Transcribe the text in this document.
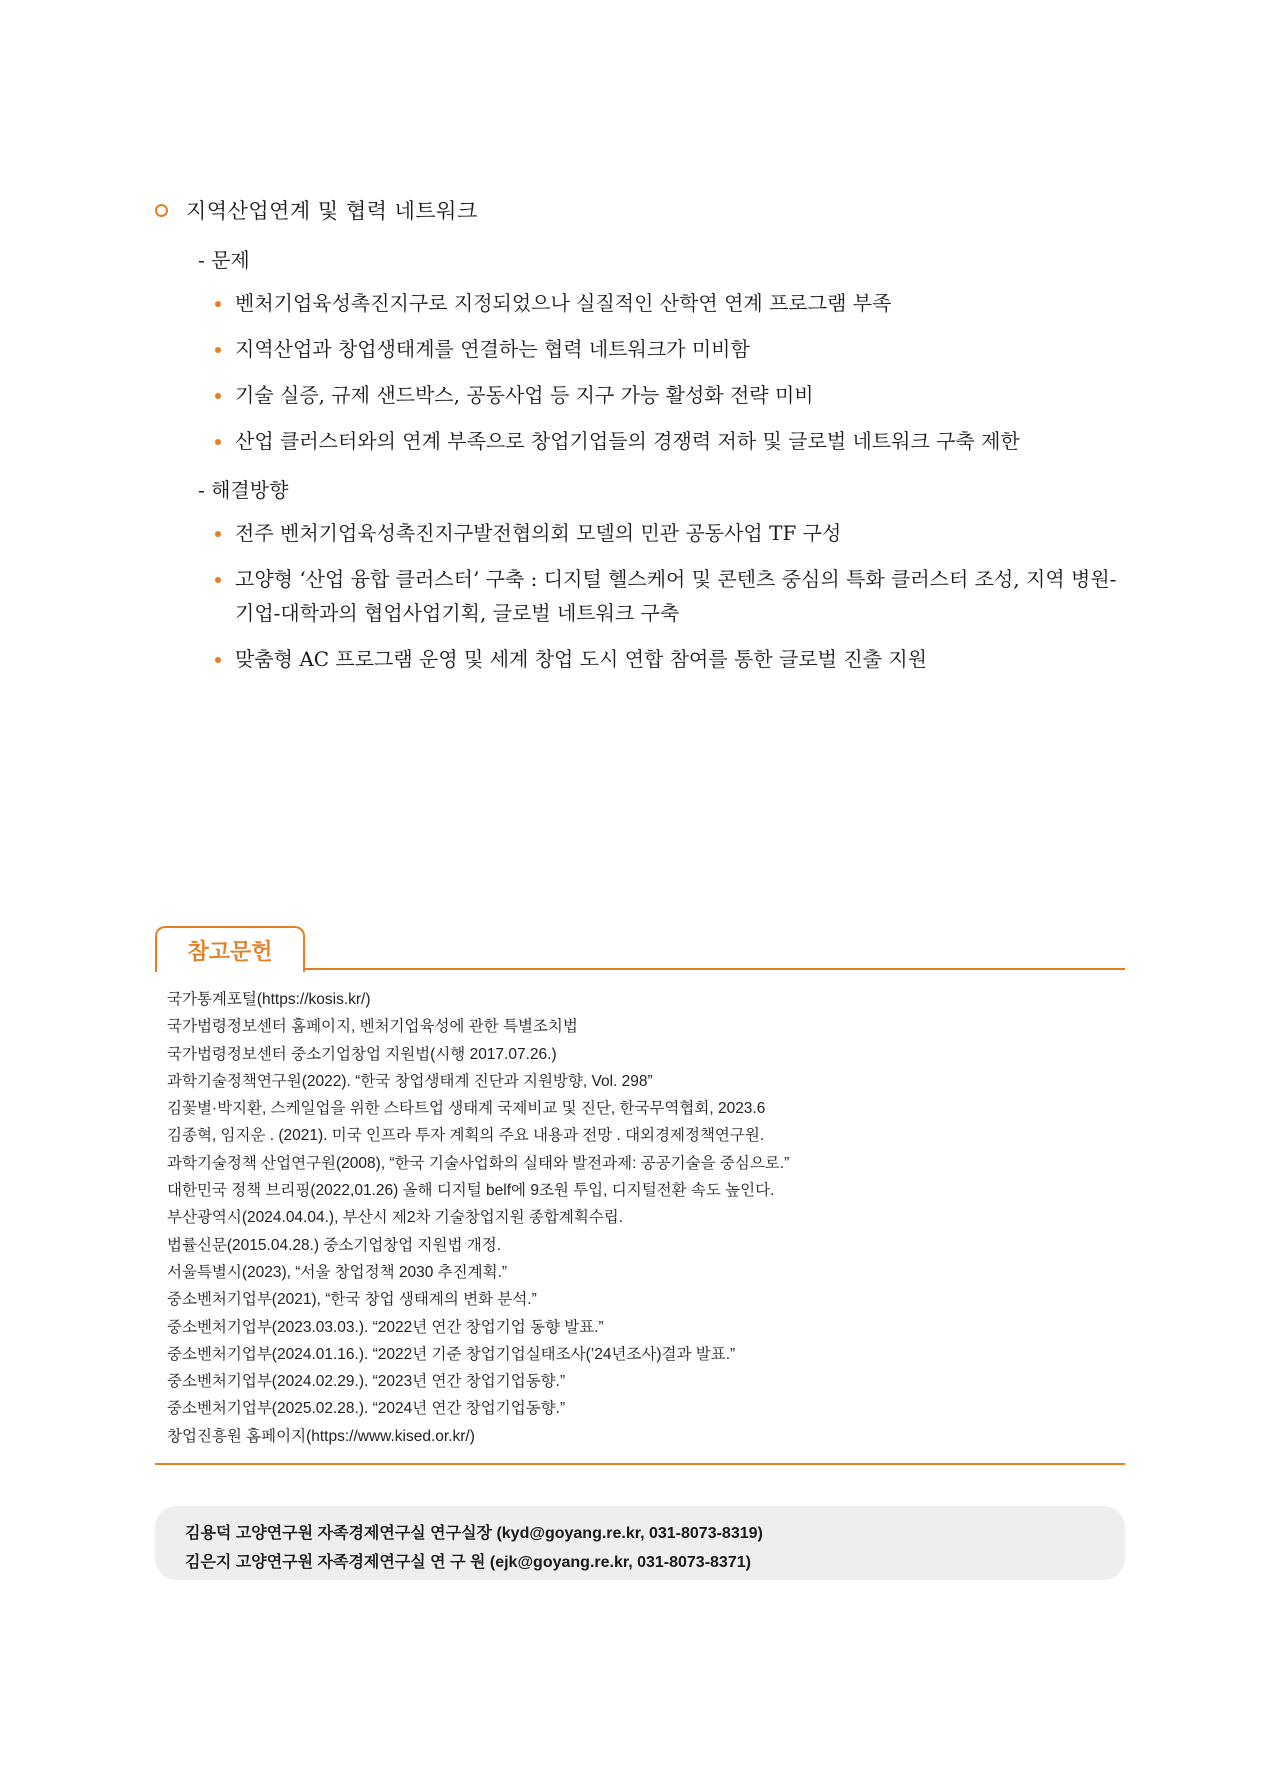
지역산업연계 및 협력 네트워크
- 문제
벤처기업육성촉진지구로 지정되었으나 실질적인 산학연 연계 프로그램 부족
지역산업과 창업생태계를 연결하는 협력 네트워크가 미비함
기술 실증, 규제 샌드박스, 공동사업 등 지구 가능 활성화 전략 미비
산업 클러스터와의 연계 부족으로 창업기업들의 경쟁력 저하 및 글로벌 네트워크 구축 제한
- 해결방향
전주 벤처기업육성촉진지구발전협의회 모델의 민관 공동사업 TF 구성
고양형 ‘산업 융합 클러스터’ 구축 : 디지털 헬스케어 및 콘텐츠 중심의 특화 클러스터 조성, 지역 병원-기업-대학과의 협업사업기획, 글로벌 네트워크 구축
맞춤형 AC 프로그램 운영 및 세계 창업 도시 연합 참여를 통한 글로벌 진출 지원
참고문헌
국가통계포털(https://kosis.kr/)
국가법령정보센터 홈페이지, 벤처기업육성에 관한 특별조치법
국가법령정보센터 중소기업창업 지원법(시행 2017.07.26.)
과학기술정책연구원(2022). “한국 창업생태계 진단과 지원방향, Vol. 298”
김꽃별·박지환, 스케일업을 위한 스타트업 생태계 국제비교 및 진단, 한국무역협회, 2023.6
김종혁, 임지운 . (2021). 미국 인프라 투자 계획의 주요 내용과 전망 . 대외경제정책연구원.
과학기술정책 산업연구원(2008), “한국 기술사업화의 실태와 발전과제: 공공기술을 중심으로.”
대한민국 정책 브리핑(2022,01.26) 올해 디지털 belf에 9조원 투입, 디지털전환 속도 높인다.
부산광역시(2024.04.04.), 부산시 제2차 기술창업지원 종합계획수립.
법률신문(2015.04.28.) 중소기업창업 지원법 개정.
서울특별시(2023), “서울 창업정책 2030 추진계획.”
중소벤처기업부(2021), “한국 창업 생태계의 변화 분석.”
중소벤처기업부(2023.03.03.). “2022년 연간 창업기업 동향 발표.”
중소벤처기업부(2024.01.16.). “2022년 기준 창업기업실태조사(’24년조사)결과 발표.”
중소벤처기업부(2024.02.29.). “2023년 연간 창업기업동향.”
중소벤처기업부(2025.02.28.). “2024년 연간 창업기업동향.”
창업진흥원 홈페이지(https://www.kised.or.kr/)
김용덕 고양연구원 자족경제연구실 연구실장 (kyd@goyang.re.kr, 031-8073-8319)
김은지 고양연구원 자족경제연구실 연 구 원 (ejk@goyang.re.kr, 031-8073-8371)
